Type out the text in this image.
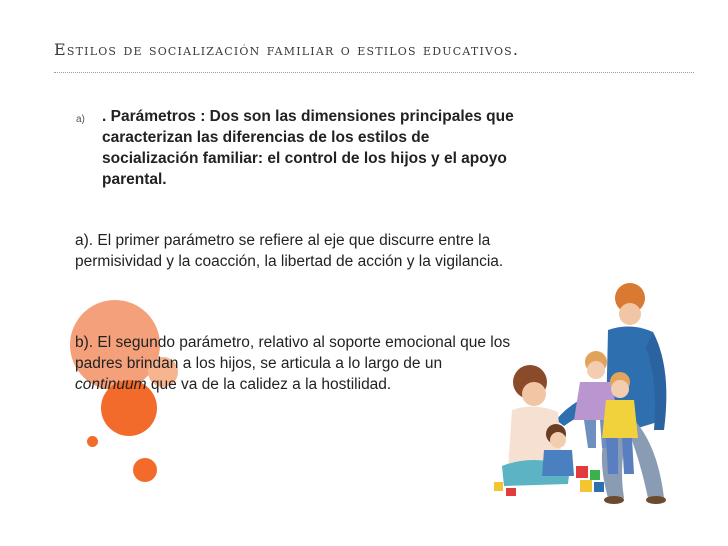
Estilos de socialización familiar o estilos educativos.
a) . Parámetros : Dos son las dimensiones principales que caracterizan las diferencias de los estilos de socialización familiar: el control de los hijos y el apoyo parental.

a). El primer parámetro se refiere al eje que discurre entre la permisividad y la coacción, la libertad de acción y la vigilancia.

b). El segundo parámetro, relativo al soporte emocional que los padres brindan a los hijos, se articula a lo largo de un continuum que va de la calidez a la hostilidad.
